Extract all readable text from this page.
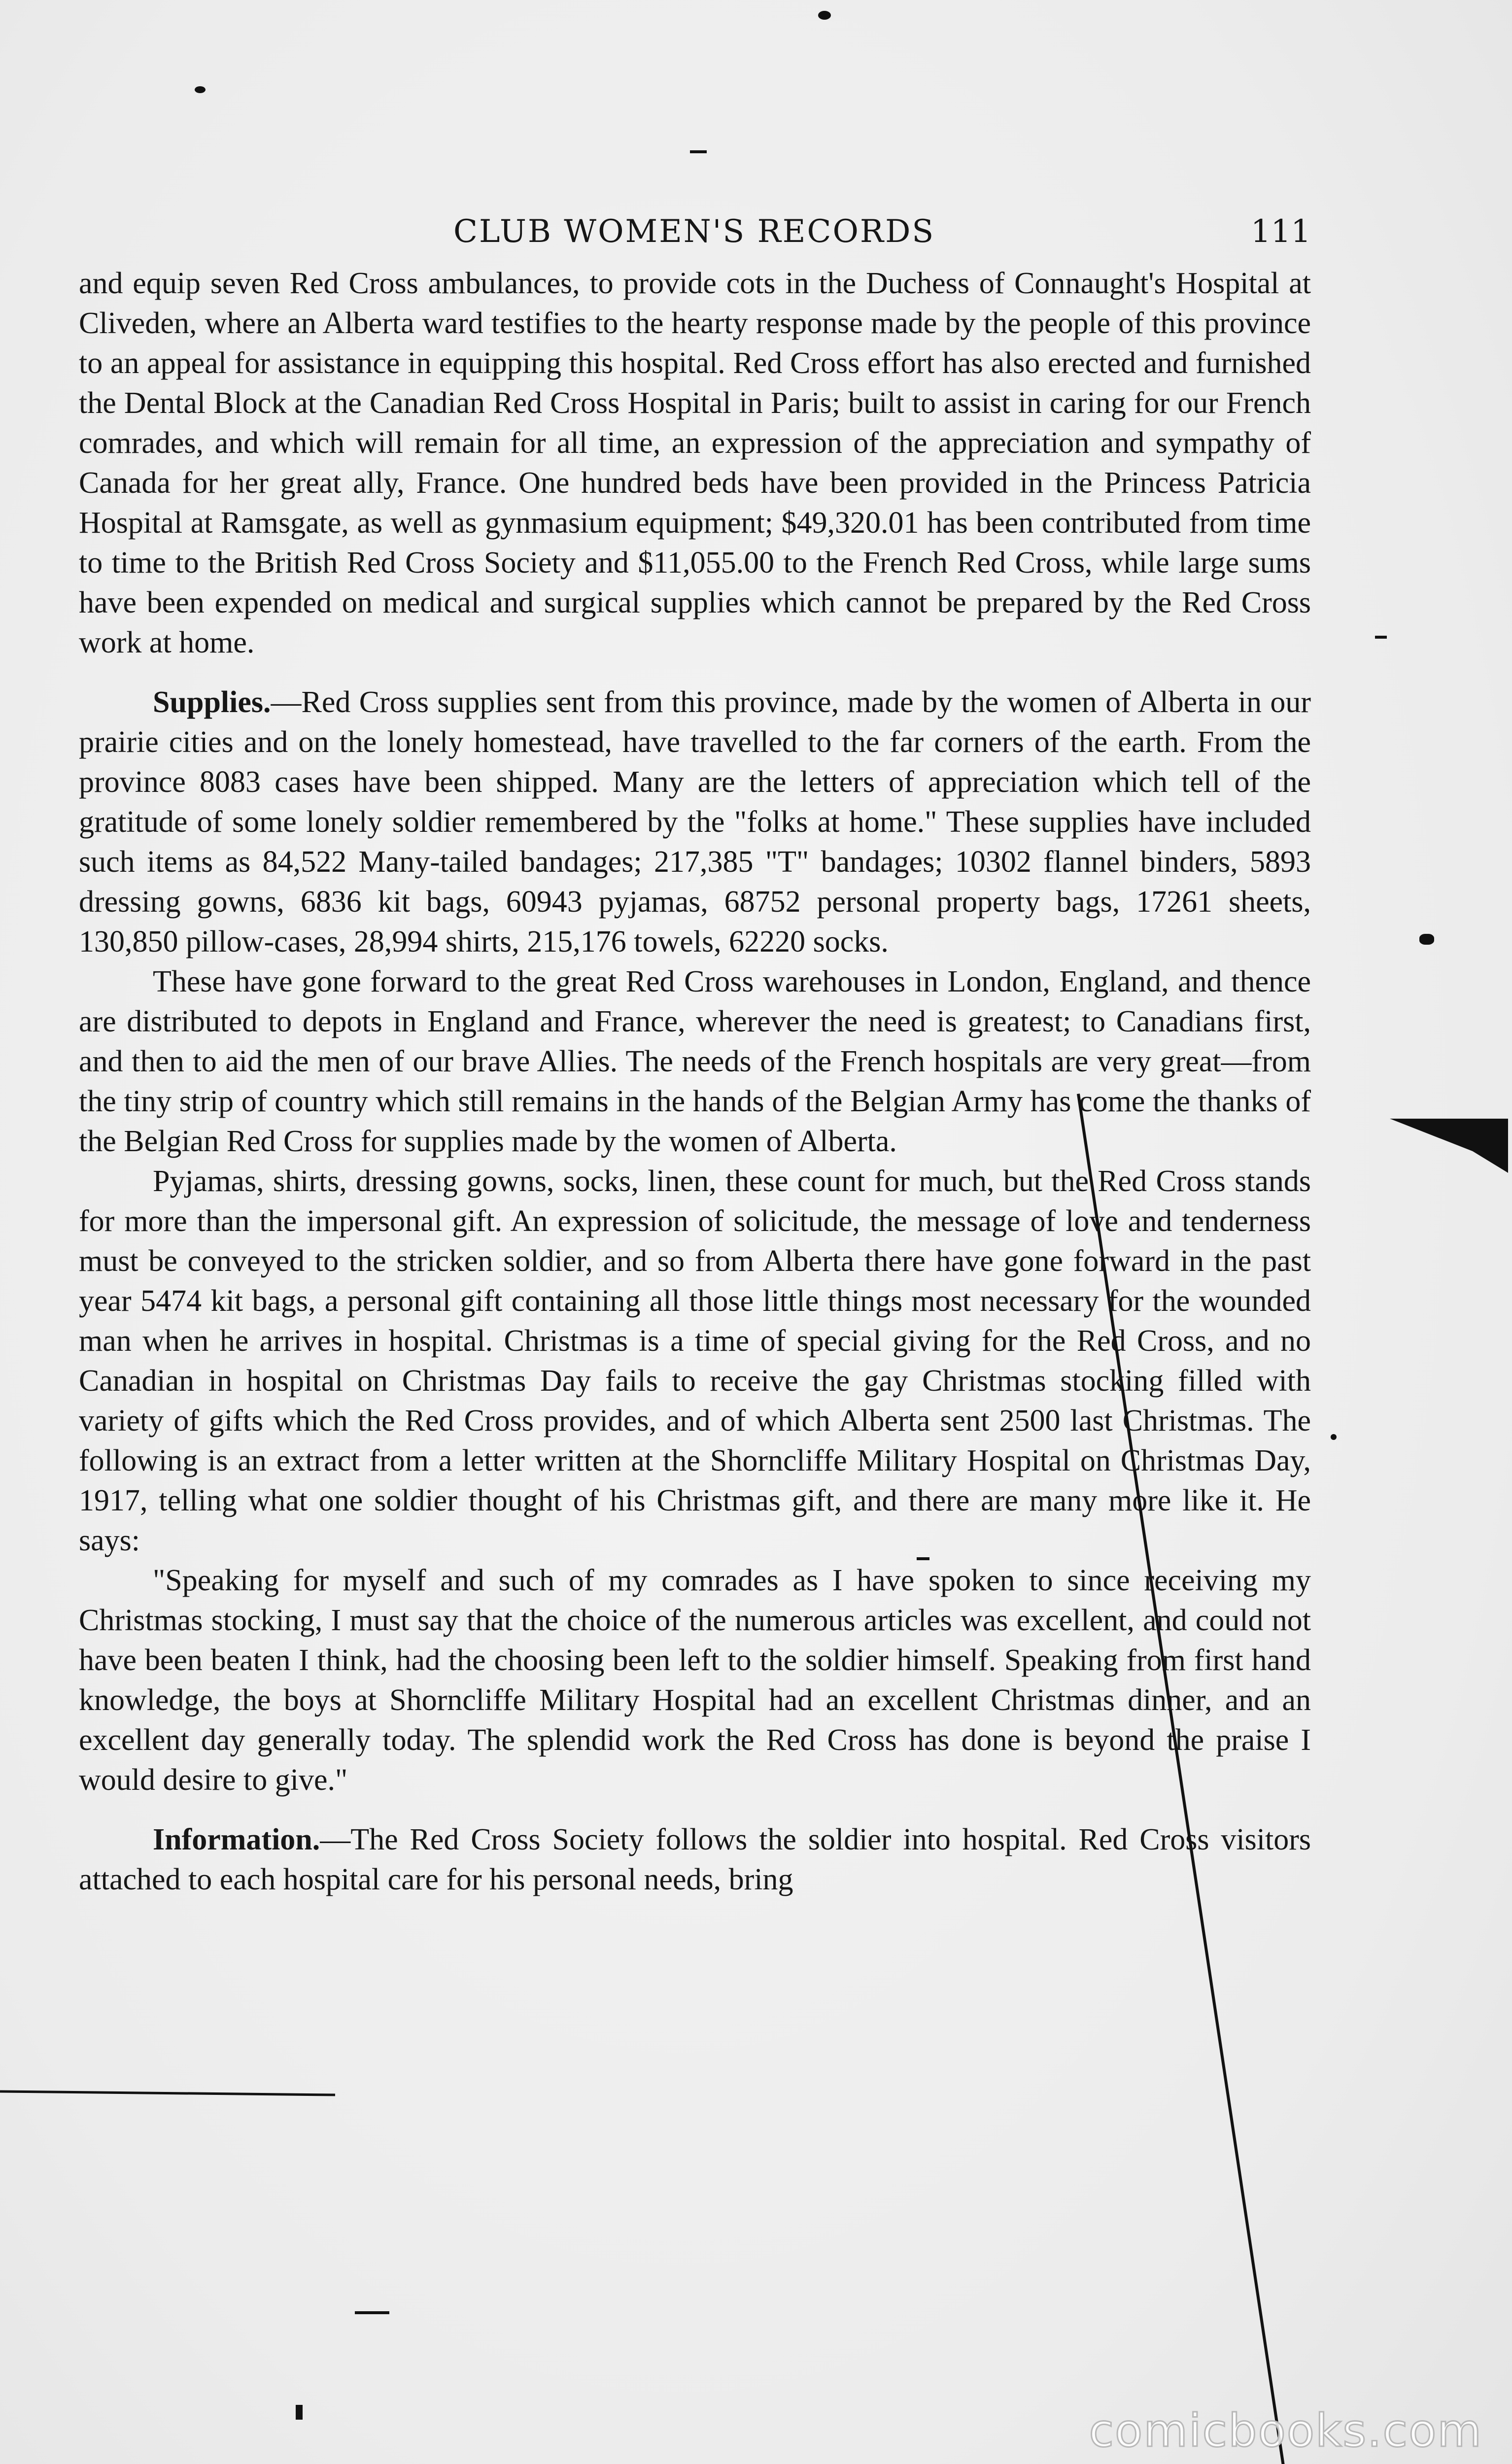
CLUB WOMEN'S RECORDS	111

and equip seven Red Cross ambulances, to provide cots in the Duchess of Connaught's Hospital at Cliveden, where an Alberta ward testifies to the hearty response made by the people of this province to an appeal for assistance in equipping this hospital. Red Cross effort has also erected and furnished the Dental Block at the Canadian Red Cross Hospital in Paris; built to assist in caring for our French comrades, and which will remain for all time, an expression of the appreciation and sympathy of Canada for her great ally, France. One hundred beds have been provided in the Princess Patricia Hospital at Ramsgate, as well as gynmasium equipment; $49,320.01 has been contributed from time to time to the British Red Cross Society and $11,055.00 to the French Red Cross, while large sums have been expended on medical and surgical supplies which cannot be prepared by the Red Cross work at home.

Supplies.—Red Cross supplies sent from this province, made by the women of Alberta in our prairie cities and on the lonely homestead, have travelled to the far corners of the earth. From the province 8083 cases have been shipped. Many are the letters of appreciation which tell of the gratitude of some lonely soldier remembered by the "folks at home." These supplies have included such items as 84,522 Many-tailed bandages; 217,385 "T" bandages; 10302 flannel binders, 5893 dressing gowns, 6836 kit bags, 60943 pyjamas, 68752 personal property bags, 17261 sheets, 130,850 pillow-cases, 28,994 shirts, 215,176 towels, 62220 socks.

These have gone forward to the great Red Cross warehouses in London, England, and thence are distributed to depots in England and France, wherever the need is greatest; to Canadians first, and then to aid the men of our brave Allies. The needs of the French hospitals are very great—from the tiny strip of country which still remains in the hands of the Belgian Army has come the thanks of the Belgian Red Cross for supplies made by the women of Alberta.

Pyjamas, shirts, dressing gowns, socks, linen, these count for much, but the Red Cross stands for more than the impersonal gift. An expression of solicitude, the message of love and tenderness must be conveyed to the stricken soldier, and so from Alberta there have gone forward in the past year 5474 kit bags, a personal gift containing all those little things most necessary for the wounded man when he arrives in hospital. Christmas is a time of special giving for the Red Cross, and no Canadian in hospital on Christmas Day fails to receive the gay Christmas stocking filled with variety of gifts which the Red Cross provides, and of which Alberta sent 2500 last Christmas. The following is an extract from a letter written at the Shorncliffe Military Hospital on Christmas Day, 1917, telling what one soldier thought of his Christmas gift, and there are many more like it. He says:

"Speaking for myself and such of my comrades as I have spoken to since receiving my Christmas stocking, I must say that the choice of the numerous articles was excellent, and could not have been beaten I think, had the choosing been left to the soldier himself. Speaking from first hand knowledge, the boys at Shorncliffe Military Hospital had an excellent Christmas dinner, and an excellent day generally today. The splendid work the Red Cross has done is beyond the praise I would desire to give."

Information.—The Red Cross Society follows the soldier into hospital. Red Cross visitors attached to each hospital care for his personal needs, bring

comicbooks.com
